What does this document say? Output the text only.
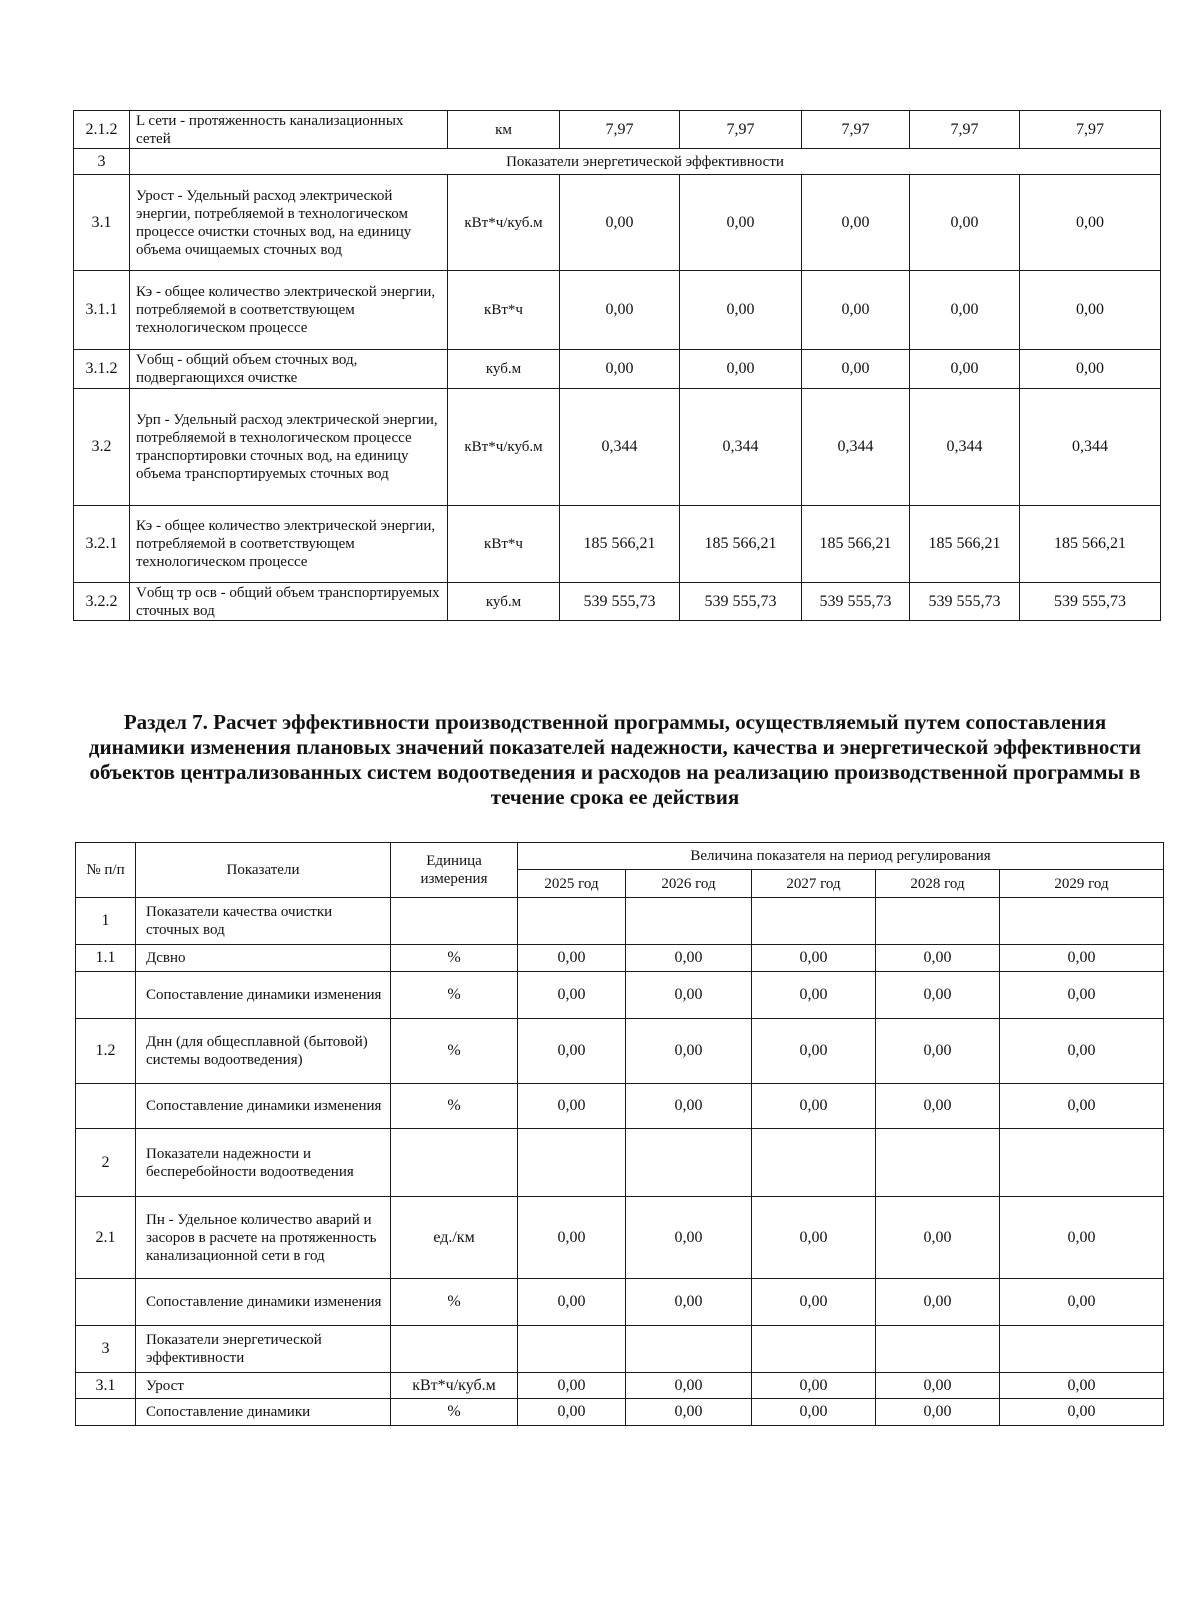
2.1.2	L сети - протяженность канализационных сетей	км	7,97	7,97	7,97	7,97	7,97
3	Показатели энергетической эффективности						
3.1	Урост - Удельный расход электрической энергии, потребляемой в технологическом процессе очистки сточных вод, на единицу объема очищаемых сточных вод	кВт*ч/куб.м	0,00	0,00	0,00	0,00	0,00
3.1.1	Кэ - общее количество электрической энергии, потребляемой в соответствующем технологическом процессе	кВт*ч	0,00	0,00	0,00	0,00	0,00
3.1.2	Vобщ - общий объем сточных вод, подвергающихся очистке	куб.м	0,00	0,00	0,00	0,00	0,00
3.2	Урп - Удельный расход электрической энергии, потребляемой в технологическом процессе транспортировки сточных вод, на единицу объема транспортируемых сточных вод	кВт*ч/куб.м	0,344	0,344	0,344	0,344	0,344
3.2.1	Кэ - общее количество электрической энергии, потребляемой в соответствующем технологическом процессе	кВт*ч	185 566,21	185 566,21	185 566,21	185 566,21	185 566,21
3.2.2	Vобщ тр осв - общий объем транспортируемых сточных вод	куб.м	539 555,73	539 555,73	539 555,73	539 555,73	539 555,73
Раздел 7. Расчет эффективности производственной программы, осуществляемый путем сопоставления динамики изменения плановых значений показателей надежности, качества и энергетической эффективности объектов централизованных систем водоотведения и расходов на реализацию производственной программы в течение срока ее действия
№ п/п	Показатели	Единица измерения	Величина показателя на период регулирования				
			2025 год	2026 год	2027 год	2028 год	2029 год
1	Показатели качества очистки сточных вод						
1.1	Дсвно	%	0,00	0,00	0,00	0,00	0,00
	Сопоставление динамики изменения	%	0,00	0,00	0,00	0,00	0,00
1.2	Днн (для общесплавной (бытовой) системы водоотведения)	%	0,00	0,00	0,00	0,00	0,00
	Сопоставление динамики изменения	%	0,00	0,00	0,00	0,00	0,00
2	Показатели надежности и бесперебойности водоотведения						
2.1	Пн - Удельное количество аварий и засоров в расчете на протяженность канализационной сети в год	ед./км	0,00	0,00	0,00	0,00	0,00
	Сопоставление динамики изменения	%	0,00	0,00	0,00	0,00	0,00
3	Показатели энергетической эффективности						
3.1	Урост	кВт*ч/куб.м	0,00	0,00	0,00	0,00	0,00
	Сопоставление динамики	%	0,00	0,00	0,00	0,00	0,00
